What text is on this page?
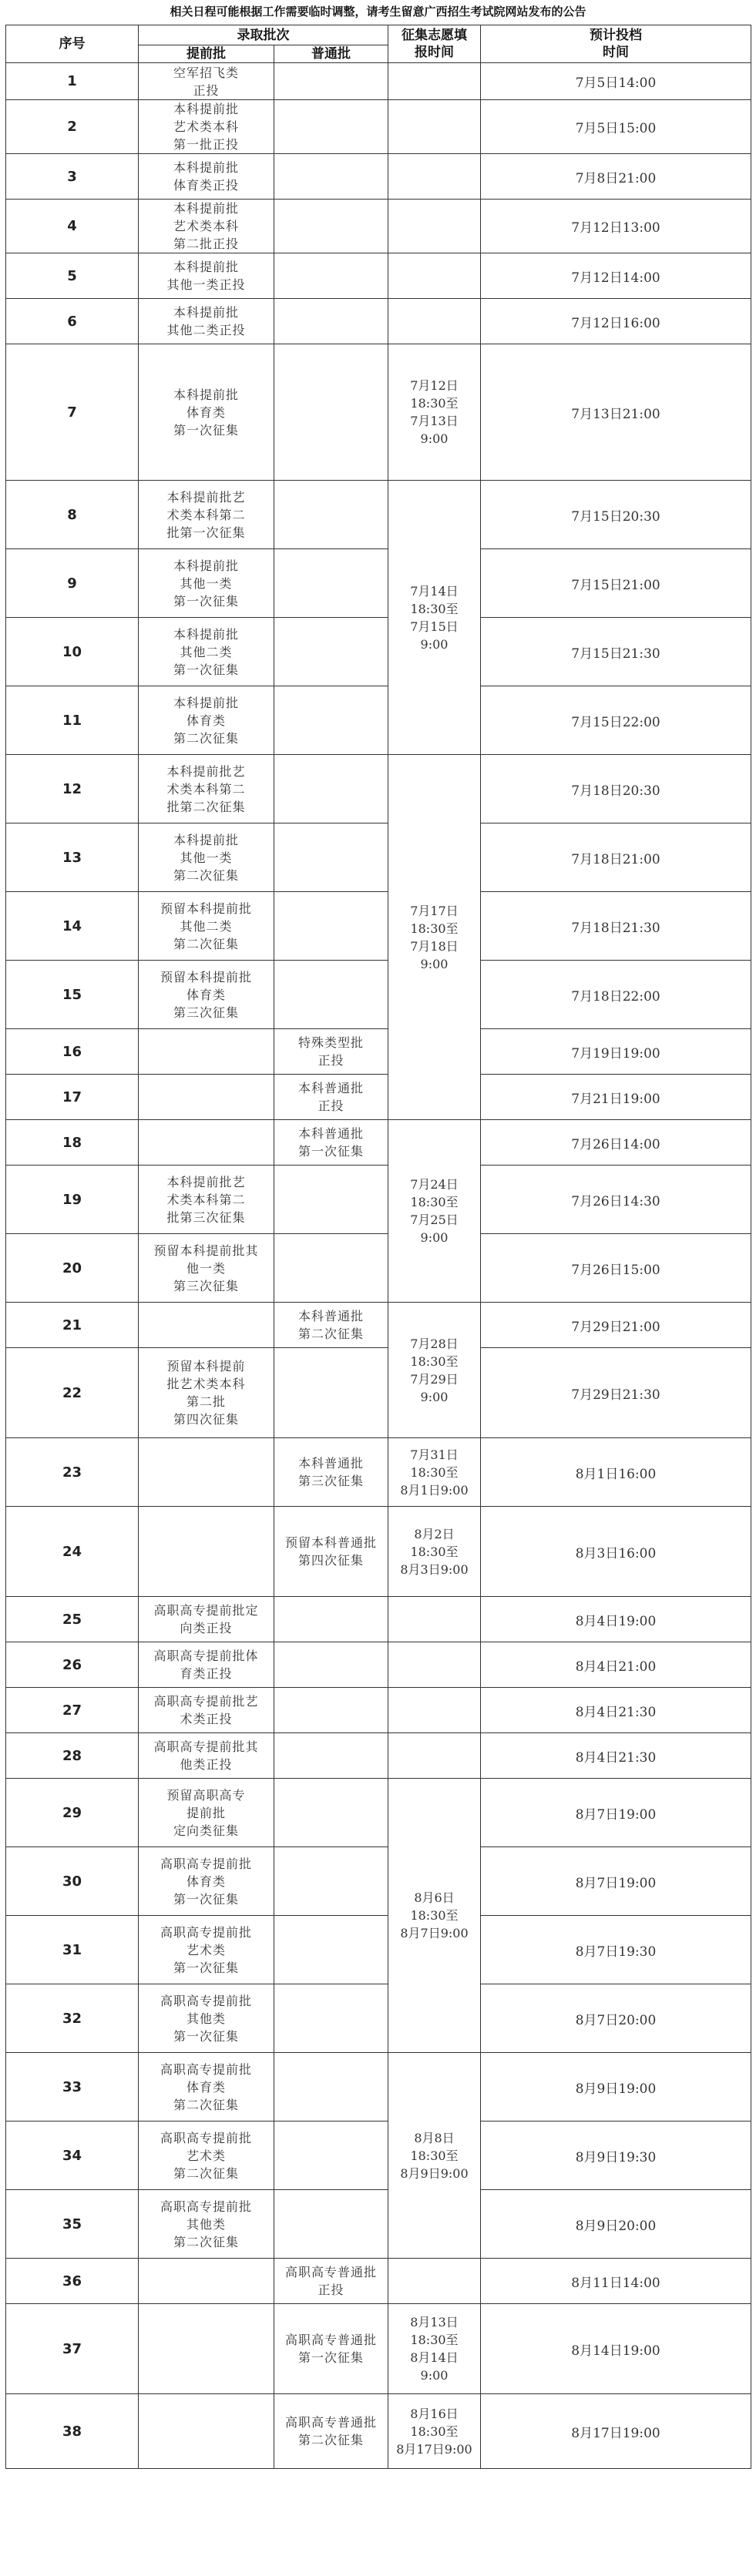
相关日程可能根据工作需要临时调整，请考生留意广西招生考试院网站发布的公告
序号	录取批次		征集志愿填报时间	预计投档时间

	提前批	普通批		
1	空军招飞类
正投			7月5日14:00
2	本科提前批
艺术类本科
第一批正投			7月5日15:00
3	本科提前批
体育类正投			7月8日21:00
4	本科提前批
艺术类本科
第二批正投			7月12日13:00
5	本科提前批
其他一类正投			7月12日14:00
6	本科提前批
其他二类正投			7月12日16:00
7	本科提前批
体育类
第一次征集		7月12日
18:30至
7月13日
9:00	7月13日21:00
8	本科提前批艺
术类本科第二
批第一次征集		7月14日
18:30至
7月15日
9:00	7月15日20:30
9	本科提前批
其他一类
第一次征集			7月15日21:00
10	本科提前批
其他二类
第一次征集			7月15日21:30
11	本科提前批
体育类
第二次征集			7月15日22:00
12	本科提前批艺
术类本科第二
批第二次征集		7月17日
18:30至
7月18日
9:00	7月18日20:30
13	本科提前批
其他一类
第二次征集			7月18日21:00
14	预留本科提前批
其他二类
第二次征集			7月18日21:30
15	预留本科提前批
体育类
第三次征集			7月18日22:00
16		特殊类型批
正投		7月19日19:00
17		本科普通批
正投		7月21日19:00
18		本科普通批
第一次征集	7月24日
18:30至
7月25日
9:00	7月26日14:00
19	本科提前批艺
术类本科第二
批第三次征集			7月26日14:30
20	预留本科提前批其
他一类
第三次征集			7月26日15:00
21		本科普通批
第二次征集	7月28日
18:30至
7月29日
9:00	7月29日21:00
22	预留本科提前
批艺术类本科
第二批
第四次征集			7月29日21:30
23		本科普通批
第三次征集	7月31日
18:30至
8月1日9:00	8月1日16:00
24		预留本科普通批
第四次征集	8月2日
18:30至
8月3日9:00	8月3日16:00
25	高职高专提前批定
向类正投			8月4日19:00
26	高职高专提前批体
育类正投			8月4日21:00
27	高职高专提前批艺
术类正投			8月4日21:30
28	高职高专提前批其
他类正投			8月4日21:30
29	预留高职高专
提前批
定向类征集		8月6日
18:30至
8月7日9:00	8月7日19:00
30	高职高专提前批
体育类
第一次征集			8月7日19:00
31	高职高专提前批
艺术类
第一次征集			8月7日19:30
32	高职高专提前批
其他类
第一次征集			8月7日20:00
33	高职高专提前批
体育类
第二次征集		8月8日
18:30至
8月9日9:00	8月9日19:00
34	高职高专提前批
艺术类
第二次征集			8月9日19:30
35	高职高专提前批
其他类
第二次征集			8月9日20:00
36		高职高专普通批
正投		8月11日14:00
37		高职高专普通批
第一次征集	8月13日
18:30至
8月14日
9:00	8月14日19:00
38		高职高专普通批
第二次征集	8月16日
18:30至
8月17日9:00	8月17日19:00
